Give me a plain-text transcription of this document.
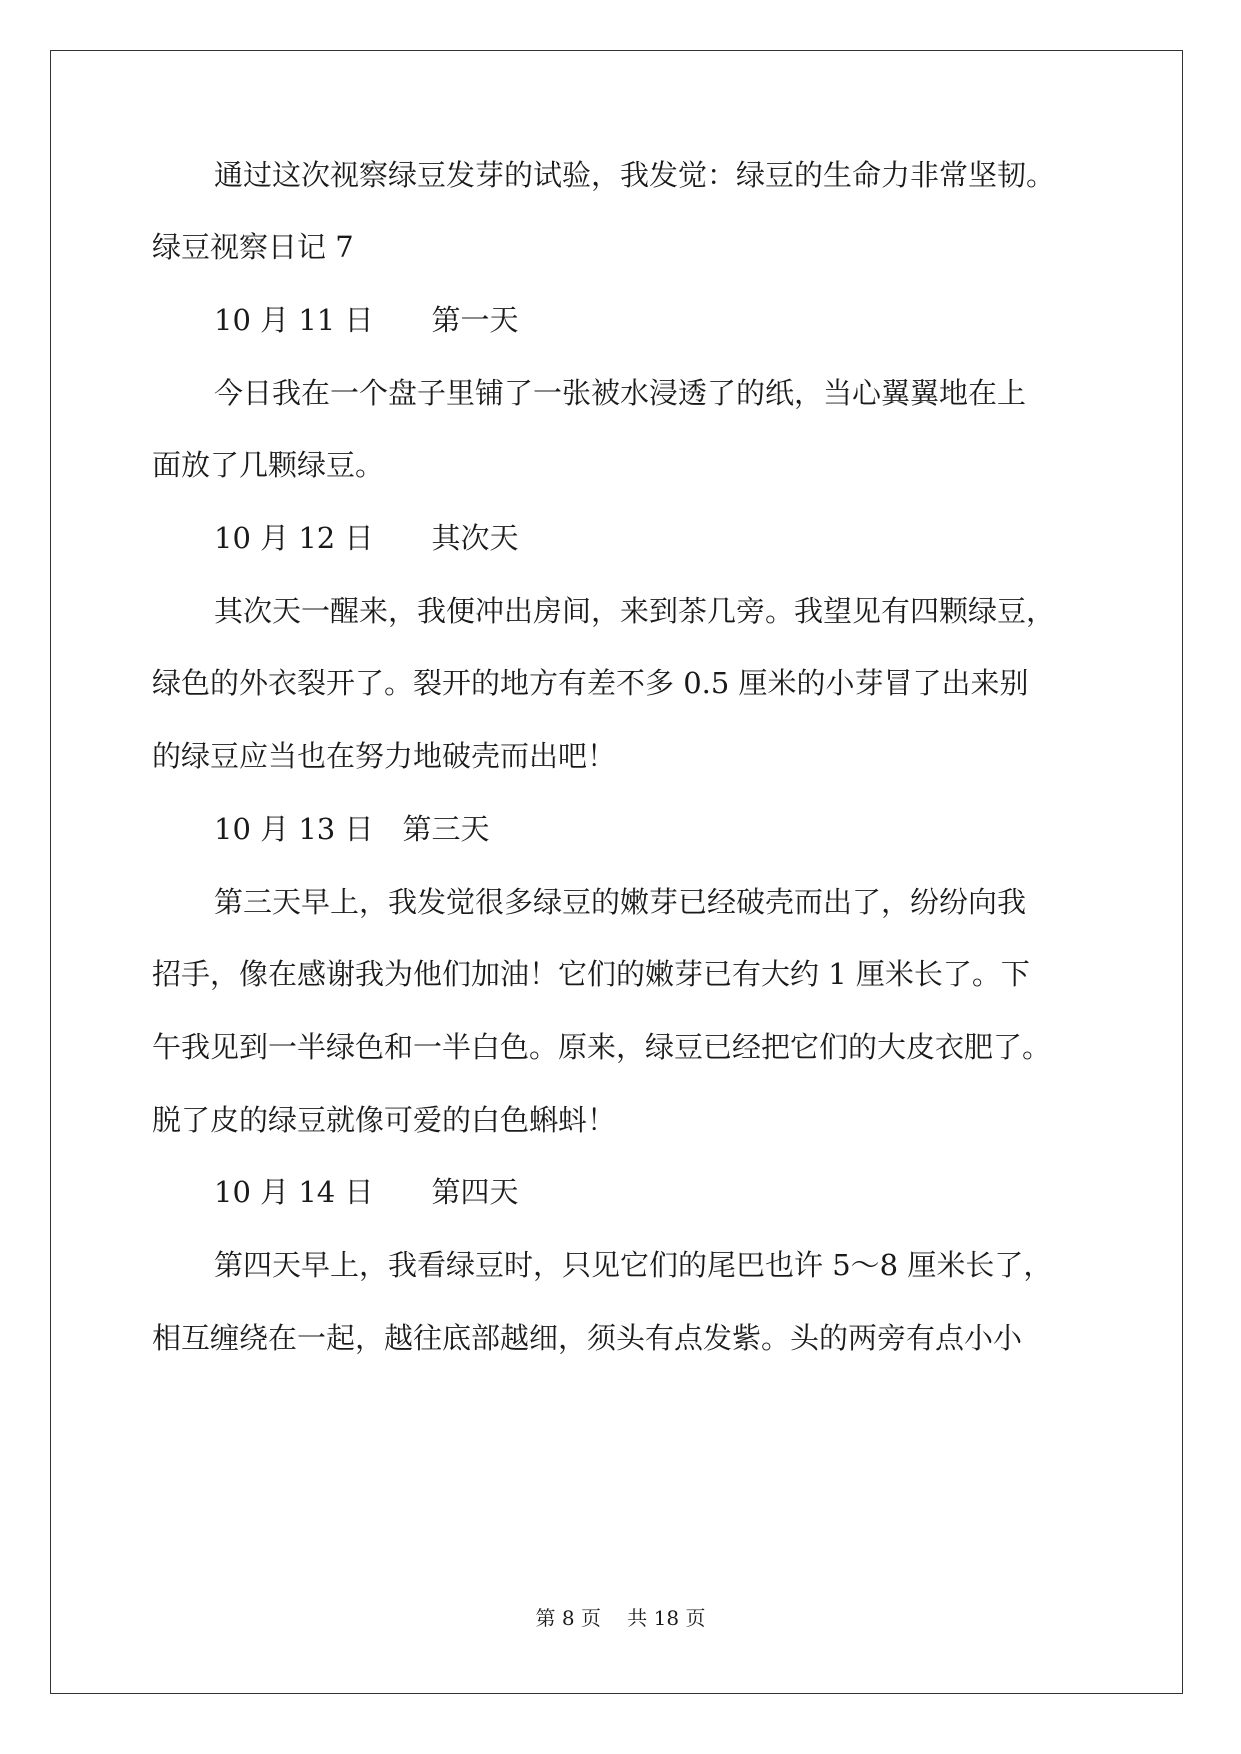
通过这次视察绿豆发芽的试验，我发觉：绿豆的生命力非常坚韧。
绿豆视察日记 7
10 月 11 日　　第一天
今日我在一个盘子里铺了一张被水浸透了的纸，当心翼翼地在上
面放了几颗绿豆。
10 月 12 日　　其次天
其次天一醒来，我便冲出房间，来到茶几旁。我望见有四颗绿豆，
绿色的外衣裂开了。裂开的地方有差不多 0.5 厘米的小芽冒了出来别
的绿豆应当也在努力地破壳而出吧！
10 月 13 日　第三天
第三天早上，我发觉很多绿豆的嫩芽已经破壳而出了，纷纷向我
招手，像在感谢我为他们加油！它们的嫩芽已有大约 1 厘米长了。下
午我见到一半绿色和一半白色。原来，绿豆已经把它们的大皮衣肥了。
脱了皮的绿豆就像可爱的白色蝌蚪！
10 月 14 日　　第四天
第四天早上，我看绿豆时，只见它们的尾巴也许 5～8 厘米长了，
相互缠绕在一起，越往底部越细，须头有点发紫。头的两旁有点小小
第 8 页　 共 18 页
